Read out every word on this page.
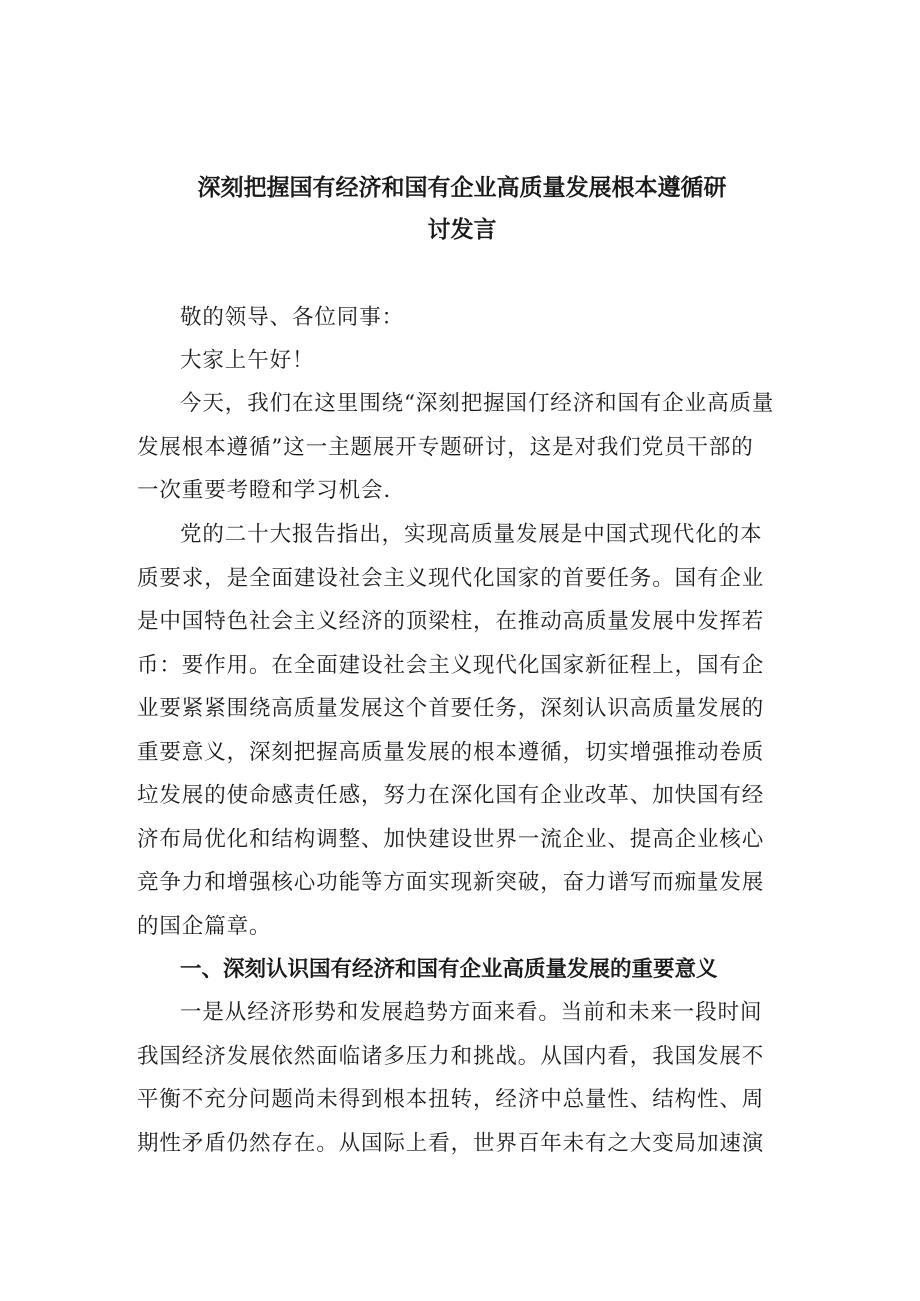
深刻把握国有经济和国有企业高质量发展根本遵循研
讨发言

敬的领导、各位同事：

大家上午好！

今天，我们在这里围绕“深刻把握国仃经济和国有企业高质量
发展根本遵循”这一主题展开专题研讨，这是对我们党员干部的
一次重要考瞪和学习机会.

党的二十大报告指出，实现高质量发展是中国式现代化的本
质要求，是全面建设社会主义现代化国家的首要任务。国有企业
是中国特色社会主义经济的顶梁柱，在推动高质量发展中发挥若
币：要作用。在全面建设社会主义现代化国家新征程上，国有企
业要紧紧围绕高质量发展这个首要任务，深刻认识高质量发展的
重要意义，深刻把握高质量发展的根本遵循，切实增强推动卷质
垃发展的使命感责任感，努力在深化国有企业改革、加快国有经
济布局优化和结构调整、加快建设世界一流企业、提高企业核心
竞争力和增强核心功能等方面实现新突破，奋力谱写而痂量发展
的国企篇章。

一、深刻认识国有经济和国有企业高质量发展的重要意义

一是从经济形势和发展趋势方面来看。当前和未来一段时间
我国经济发展依然面临诸多压力和挑战。从国内看，我国发展不
平衡不充分问题尚未得到根本扭转，经济中总量性、结构性、周
期性矛盾仍然存在。从国际上看，世界百年未有之大变局加速演
